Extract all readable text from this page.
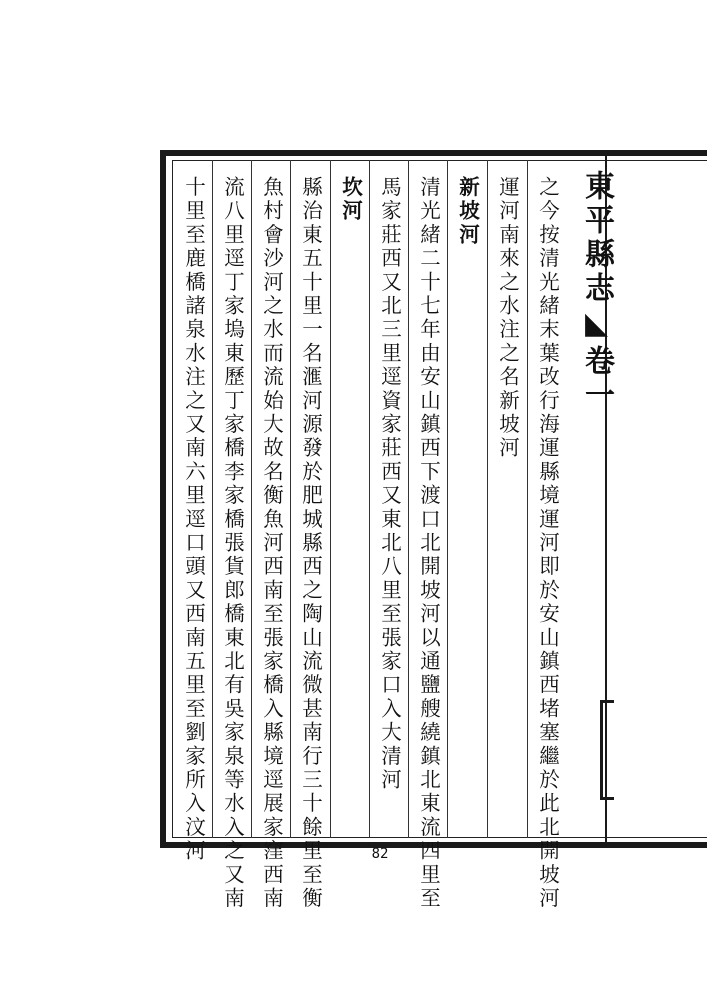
東平縣志◣卷一
之今按清光緒末葉改行海運縣境運河即於安山鎮西堵塞繼於此北開坡河
運河南來之水注之名新坡河
新坡河
清光緒二十七年由安山鎮西下渡口北開坡河以通鹽艘繞鎮北東流四里至
馬家莊西又北三里逕資家莊西又東北八里至張家口入大清河
坎河
縣治東五十里一名滙河源發於肥城縣西之陶山流微甚南行三十餘里至衡
魚村會沙河之水而流始大故名衡魚河西南至張家橋入縣境逕展家窪西南
流八里逕丁家塢東歷丁家橋李家橋張貨郎橋東北有吳家泉等水入之又南
十里至鹿橋諸泉水注之又南六里逕口頭又西南五里至劉家所入汶河	82
